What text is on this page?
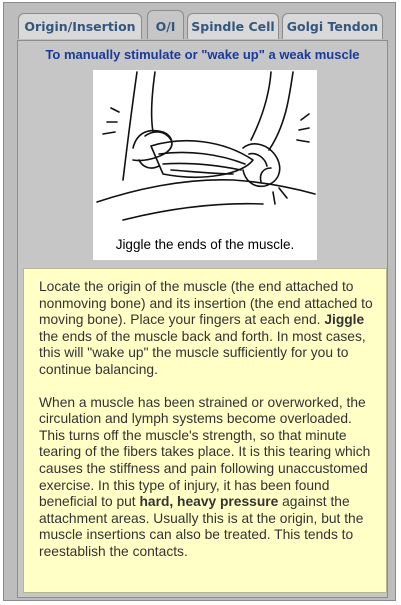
Origin/Insertion	O/I	Spindle Cell Golgi Tendon
To manually stimulate or "wake up" a weak muscle
Jiggle the ends of the muscle.

Locate the origin of the muscle (the end attached to nonmoving bone) and its insertion (the end attached to moving bone). Place your fingers at each end. Jiggle the ends of the muscle back and forth. In most cases, this will "wake up" the muscle sufficiently for you to continue balancing.

When a muscle has been strained or overworked, the circulation and lymph systems become overloaded. This turns off the muscle's strength, so that minute tearing of the fibers takes place. It is this tearing which causes the stiffness and pain following unaccustomed exercise. In this type of injury, it has been found beneficial to put hard, heavy pressure against the attachment areas. Usually this is at the origin, but the muscle insertions can also be treated. This tends to reestablish the contacts.
